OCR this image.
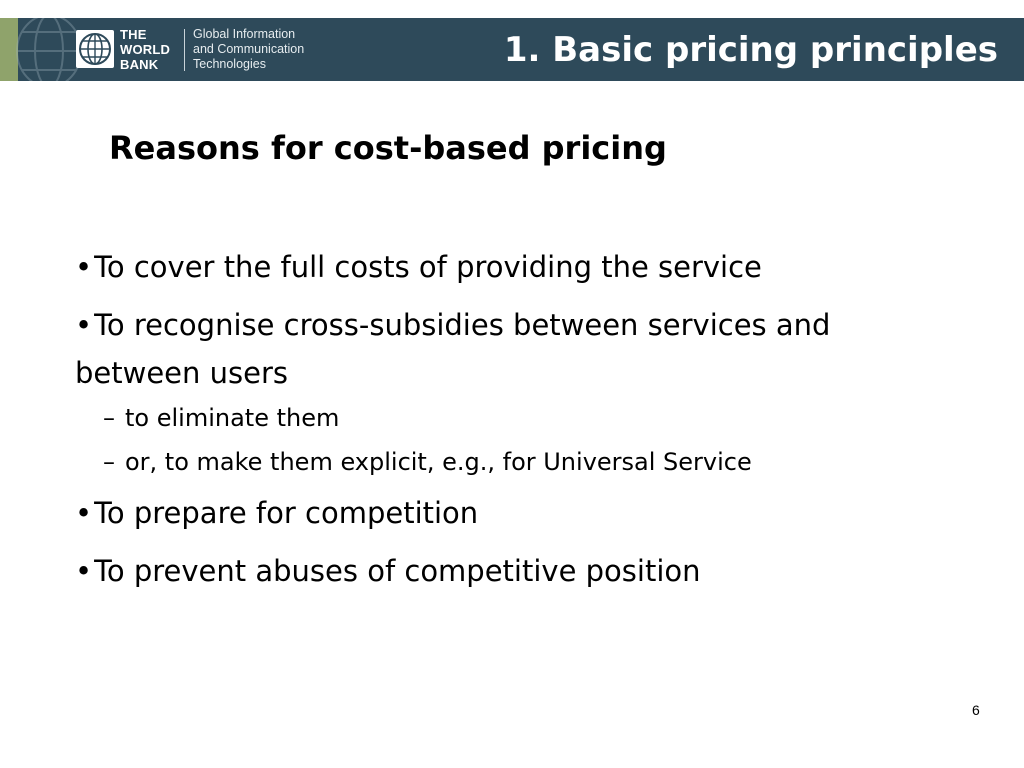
THE
WORLD
BANK
Global Information
and Communication
Technologies	1. Basic pricing principles
Reasons for cost-based pricing

•To cover the full costs of providing the service

•To recognise cross-subsidies between services and between users

– to eliminate them
– or, to make them explicit, e.g., for Universal Service

•To prepare for competition

•To prevent abuses of competitive position

6
